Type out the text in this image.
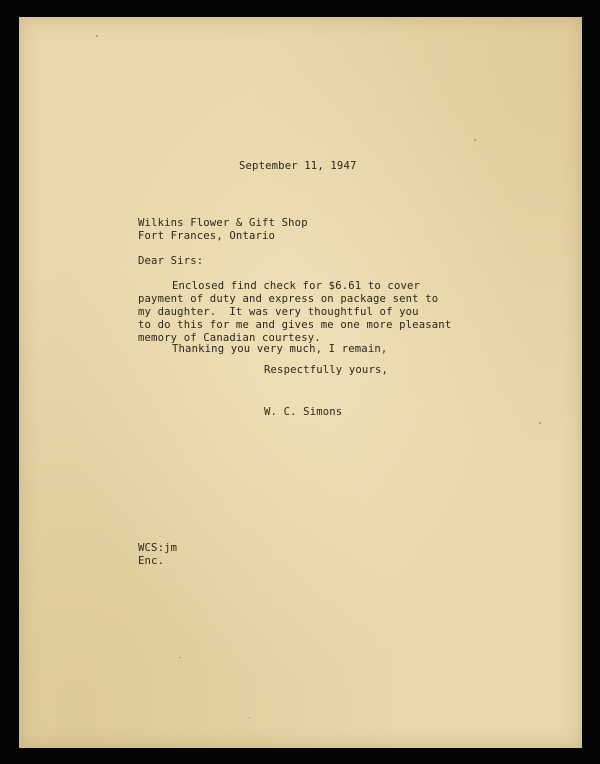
September 11, 1947
Wilkins Flower & Gift Shop
Fort Frances, Ontario
Dear Sirs:
Enclosed find check for $6.61 to cover
payment of duty and express on package sent to
my daughter.  It was very thoughtful of you
to do this for me and gives me one more pleasant
memory of Canadian courtesy.
Thanking you very much, I remain,
Respectfully yours,
W. C. Simons
WCS:jm
Enc.
